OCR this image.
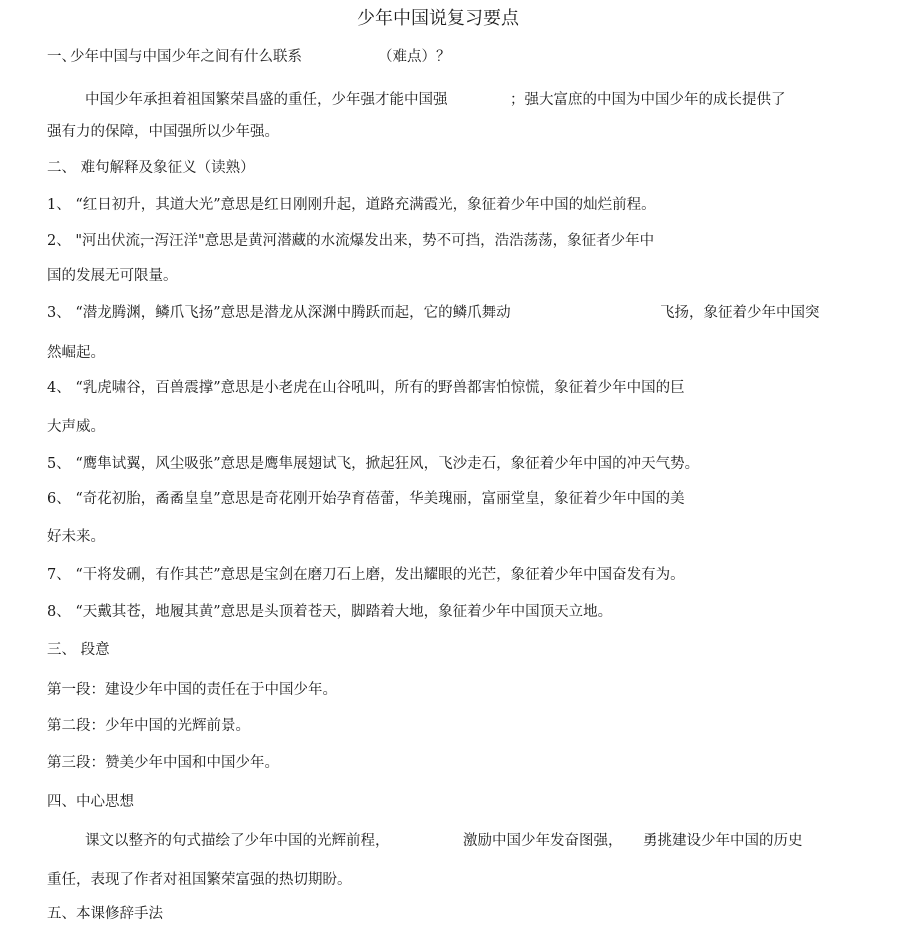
少年中国说复习要点
一、
少年中国与中国少年之间有什么联系	（难点）？
中国少年承担着祖国繁荣昌盛的重任，少年强才能中国强	；强大富庶的中国为中国少年的成长提供了
强有力的保障，中国强所以少年强。
二、 难句解释及象征义（读熟）
1、 “红日初升，其道大光”意思是红日刚刚升起，道路充满霞光，象征着少年中国的灿烂前程。
2、 "河出伏流，
一泻汪洋"意思是黄河潜藏的水流爆发出来，势不可挡，浩浩荡荡，象征者少年中
国的发展无可限量。
3、 “潜龙腾渊，鳞爪飞扬”意思是潜龙从深渊中腾跃而起，它的鳞爪舞动	飞扬，象征着少年中国突
然崛起。
4、 “乳虎啸谷，百兽震撑”意思是小老虎在山谷吼叫，所有的野兽都害怕惊慌，象征着少年中国的巨
大声威。
5、 “鹰隼试翼，风尘吸张”意思是鹰隼展翅试飞，掀起狂风，飞沙走石，象征着少年中国的冲天气势。
6、 “奇花初胎，矞矞皇皇”意思是奇花刚开始孕育蓓蕾，华美瑰丽，富丽堂皇，象征着少年中国的美
好未来。
7、 “干将发硎，有作其芒”意思是宝剑在磨刀石上磨，发出耀眼的光芒，象征着少年中国奋发有为。
8、 “天戴其苍，地履其黄”意思是头顶着苍天，脚踏着大地，象征着少年中国顶天立地。
三、 段意
第一段：建设少年中国的责任在于中国少年。
第二段：少年中国的光辉前景。
第三段：赞美少年中国和中国少年。
四、中心思想
课文以整齐的句式描绘了少年中国的光辉前程，	激励中国少年发奋图强， 勇挑建设少年中国的历史
重任，表现了作者对祖国繁荣富强的热切期盼。
五、本课修辞手法
